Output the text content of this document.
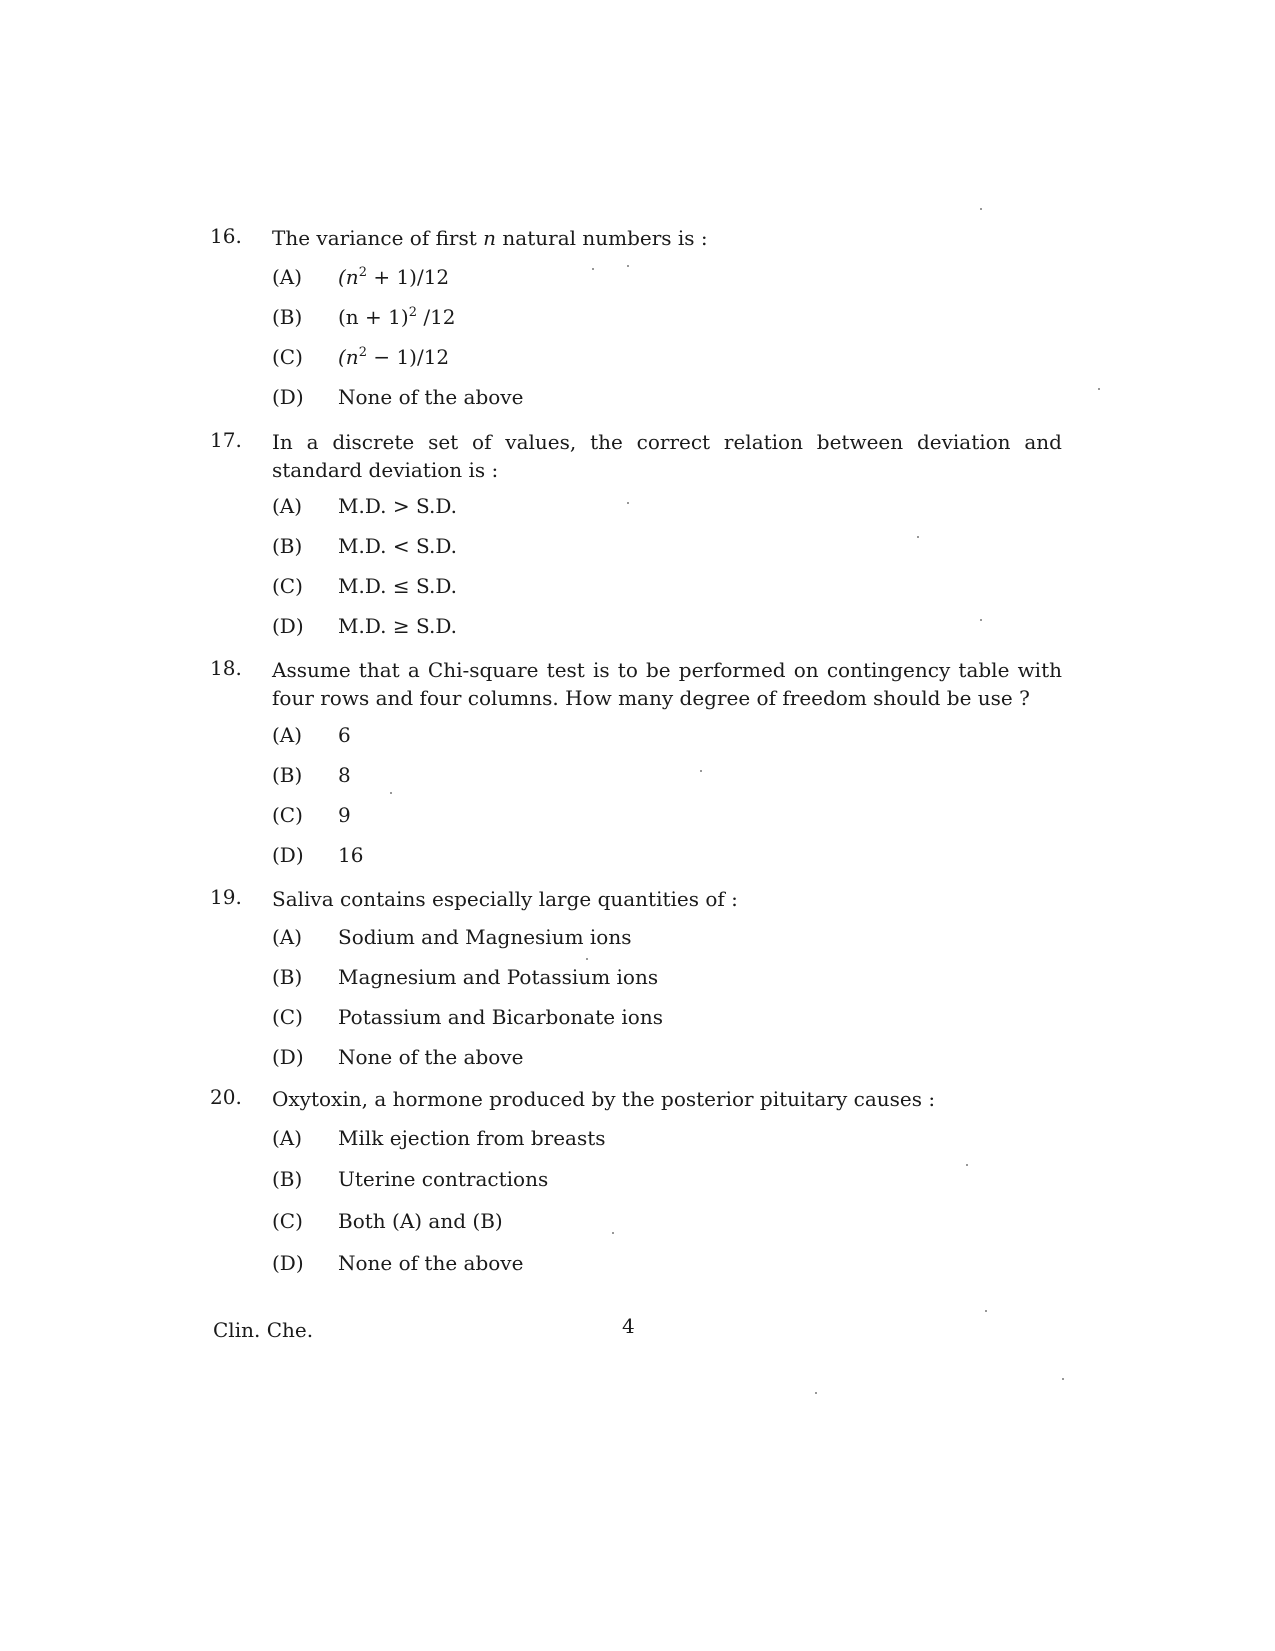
16. The variance of first n natural numbers is :
(A) $(n^2 + 1)/12$
(B) $(n + 1)^2$ /12
(C) $(n^2 - 1)/12$
(D) None of the above
17. In a discrete set of values, the correct relation between deviation and standard deviation is :
(A) M.D. > S.D.
(B) M.D. < S.D.
(C) M.D. ≤ S.D.
(D) M.D. ≥ S.D.
18. Assume that a Chi-square test is to be performed on contingency table with four rows and four columns. How many degree of freedom should be use ?
(A) 6
(B) 8
(C) 9
(D) 16
19. Saliva contains especially large quantities of :
(A) Sodium and Magnesium ions
(B) Magnesium and Potassium ions
(C) Potassium and Bicarbonate ions
(D) None of the above
20. Oxytoxin, a hormone produced by the posterior pituitary causes :
(A) Milk ejection from breasts
(B) Uterine contractions
(C) Both (A) and (B)
(D) None of the above
Clin. Che.	4
